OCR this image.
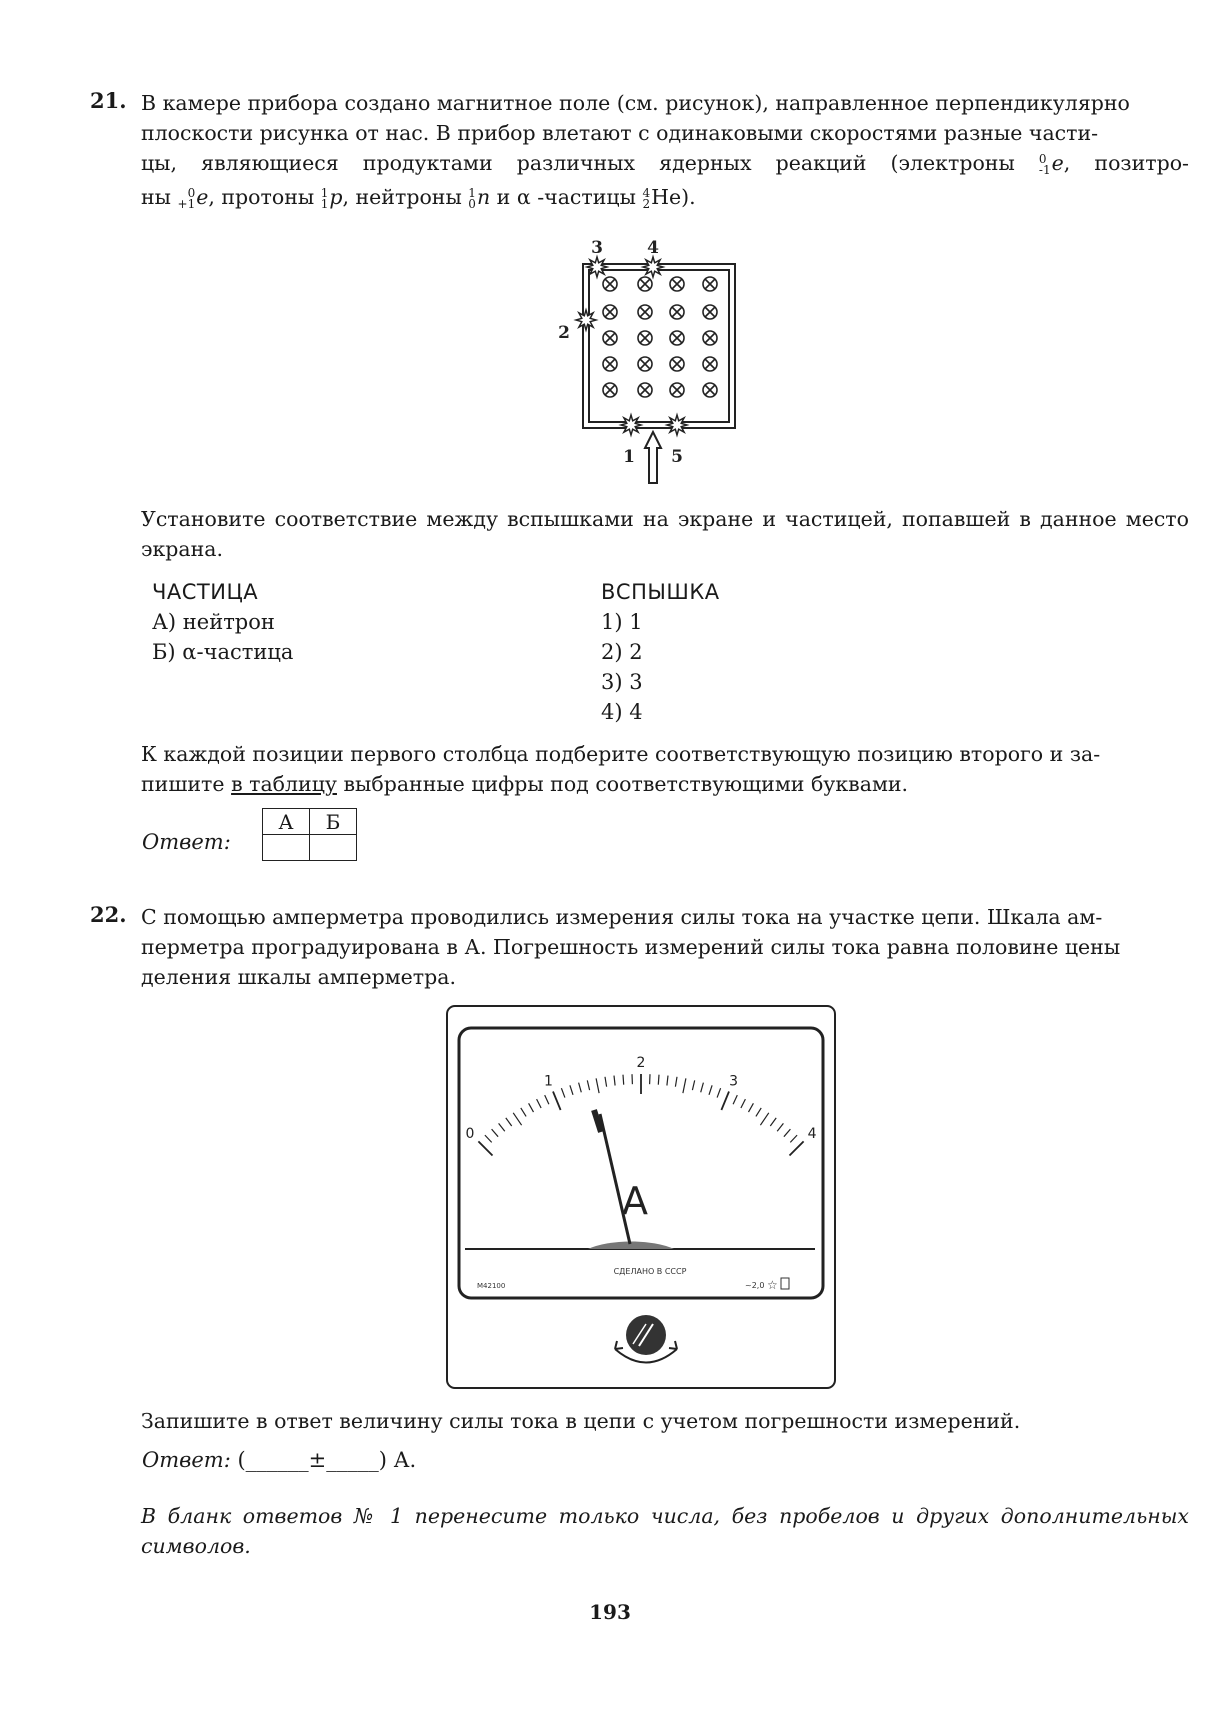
21. В камере прибора создано магнитное поле (см. рисунок), направленное перпендикулярно
плоскости рисунка от нас. В прибор влетают с одинаковыми скоростями разные части-
цы, являющиеся продуктами различных ядерных реакций (электроны 0
-1 e, позитро-
ны	0
+1 e, протоны 1
1 p, нейтроны 1
0 n и α -частицы 4
2 He).
3	4
2
1 5
Установите соответствие между вспышками на экране и частицей, попавшей в данное место экрана.
ЧАСТИЦА
А) нейтрон
Б) α-частица
ВСПЫШКА
1) 1
2) 2
3) 3
4) 4
К каждой позиции первого столбца подберите соответствующую позицию второго и за-
пишите в таблицу выбранные цифры под соответствующими буквами.
Ответ:
А	Б

22. С помощью амперметра проводились измерения силы тока на участке цепи. Шкала ам-
перметра проградуирована в А. Погрешность измерений силы тока равна половине цены
деления шкалы амперметра.
0
1
2
3
4
А
СДЕЛАНО В СССР
М42100	~2,0 ☆
Запишите в ответ величину силы тока в цепи с учетом погрешности измерений.
Ответ: (______±_____) А.
В бланк ответов № 1 перенесите только числа, без пробелов и других дополнительных символов.
193
